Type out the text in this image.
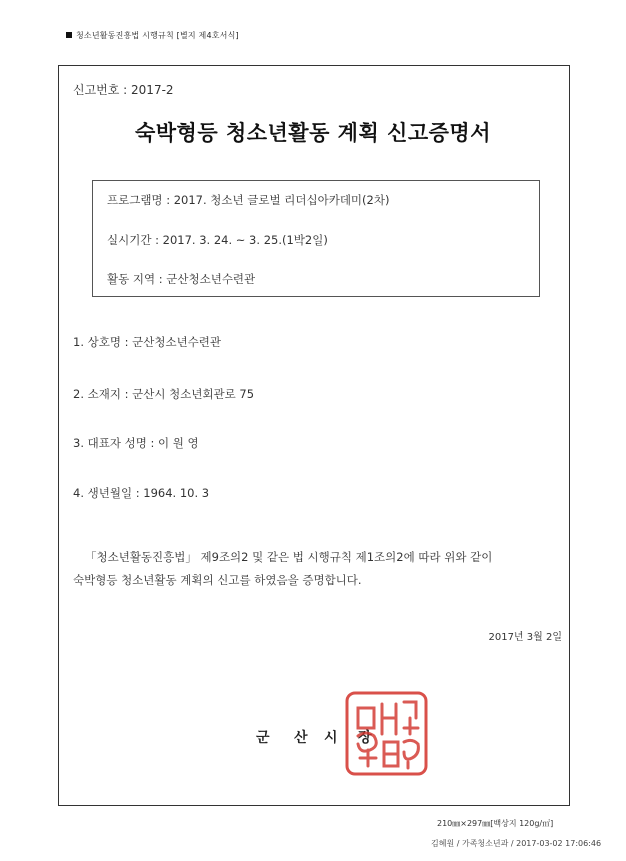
청소년활동진흥법 시행규칙 [별지 제4호서식]
신고번호 : 2017-2
숙박형등 청소년활동 계획 신고증명서
프로그램명 : 2017. 청소년 글로벌 리더십아카데미(2차)
실시기간 : 2017. 3. 24. ~ 3. 25.(1박2일)
활동 지역 : 군산청소년수련관
1. 상호명 : 군산청소년수련관
2. 소재지 : 군산시 청소년회관로 75
3. 대표자 성명 : 이 원 영
4. 생년월일 : 1964. 10. 3
「청소년활동진흥법」 제9조의2 및 같은 법 시행규칙 제1조의2에 따라 위와 같이
숙박형등 청소년활동 계획의 신고를 하였음을 증명합니다.
2017년 3월 2일
군 산 시 장
210㎜×297㎜[백상지 120g/㎡]
김혜원 / 가족청소년과 / 2017-03-02 17:06:46
